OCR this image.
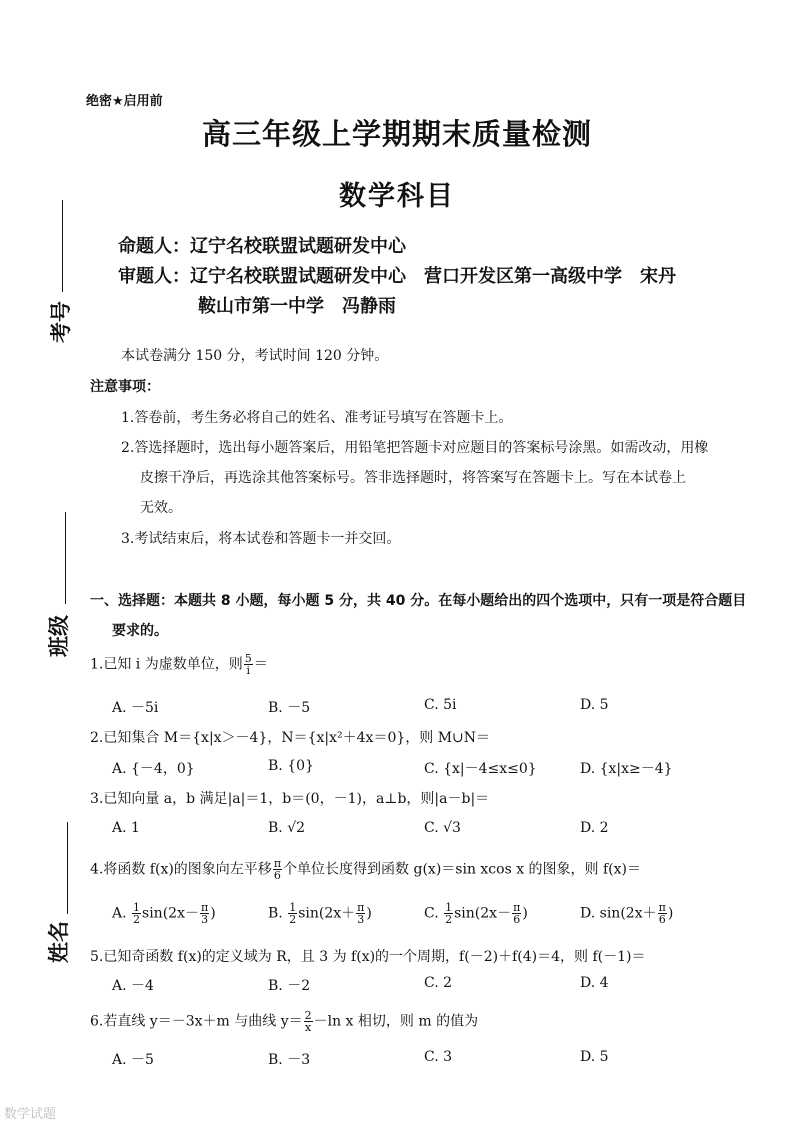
绝密★启用前
高三年级上学期期末质量检测
数学科目
命题人：辽宁名校联盟试题研发中心
审题人：辽宁名校联盟试题研发中心　营口开发区第一高级中学　宋丹
鞍山市第一中学　冯静雨
考号
班级
姓名
本试卷满分 150 分，考试时间 120 分钟。
注意事项：
1.答卷前，考生务必将自己的姓名、准考证号填写在答题卡上。
2.答选择题时，选出每小题答案后，用铅笔把答题卡对应题目的答案标号涂黑。如需改动，用橡
皮擦干净后，再选涂其他答案标号。答非选择题时，将答案写在答题卡上。写在本试卷上
无效。
3.考试结束后，将本试卷和答题卡一并交回。
一、选择题：本题共 8 小题，每小题 5 分，共 40 分。在每小题给出的四个选项中，只有一项是符合题目
要求的。
1.已知 i 为虚数单位，则 $\frac{5}{i}$ ＝
A. －5i	B. －5	C. 5i	D. 5
2.已知集合 M＝{x|x＞－4}，N＝{x|x²＋4x＝0}，则 M∪N＝
A. {－4，0}	B. {0}	C. {x|－4≤x≤0}	D. {x|x≥－4}
3.已知向量 a，b 满足|a|＝1，b＝(0，－1)，a⊥b，则|a－b|＝
A. 1	B. √2	C. √3	D. 2
4.将函数 f(x)的图象向左平移 $\frac{\pi}{6}$ 个单位长度得到函数 g(x)＝sin xcos x 的图象，则 f(x)＝
A. $\frac{1}{2} \sin(2x- \frac{\pi}{3}$ )	B. $\frac{1}{2} \sin(2x+ \frac{\pi}{3}$ )	C. $\frac{1}{2} \sin(2x- \frac{\pi}{6}$ )	D. $\sin(2x+ \frac{\pi}{6}$ )
5.已知奇函数 f(x)的定义域为 R，且 3 为 f(x)的一个周期，f(－2)＋f(4)＝4，则 f(－1)＝
A. －4	B. －2	C. 2	D. 4
6.若直线 y＝－3x＋m 与曲线 $y= \frac{2}{x} -\ln$ x 相切，则 m 的值为
A. －5	B. －3	C. 3	D. 5
数学试题
